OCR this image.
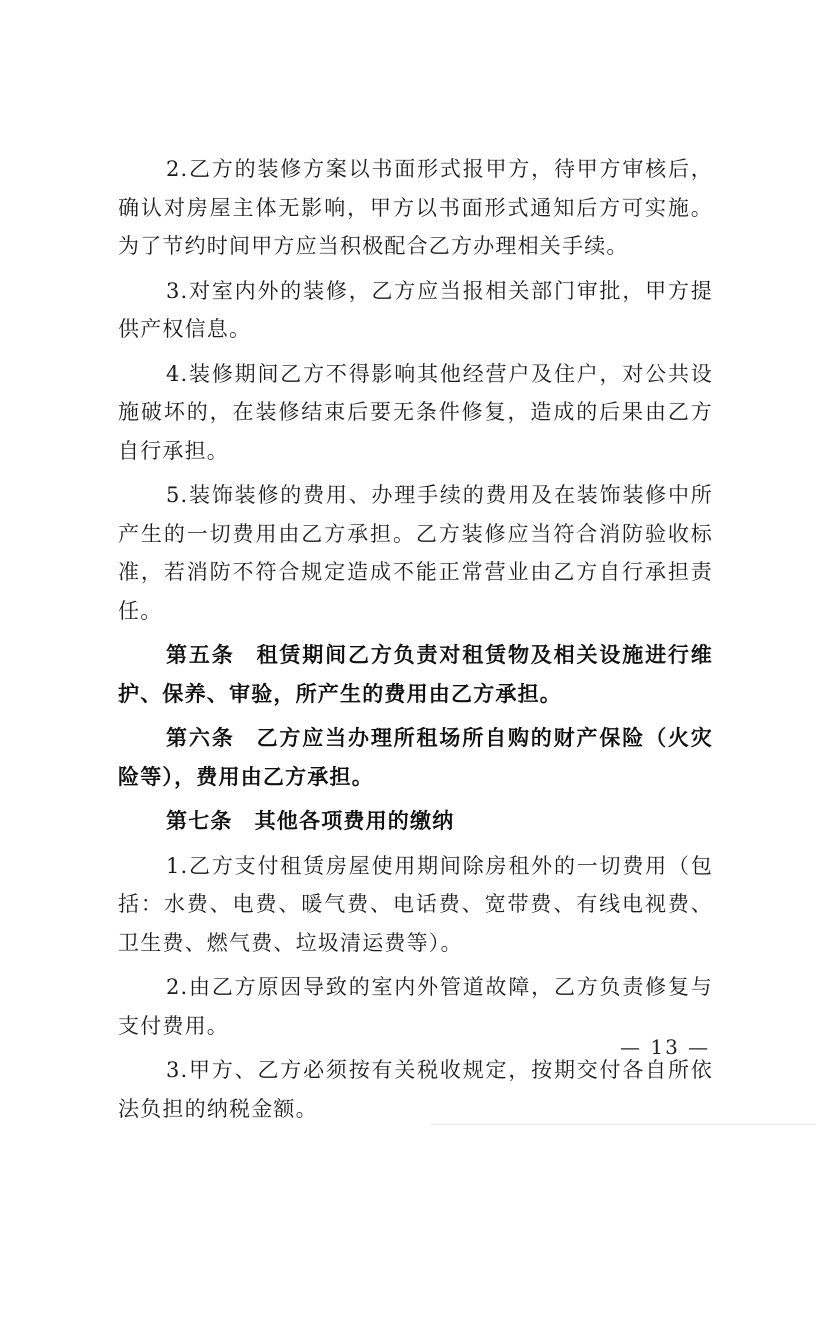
2.乙方的装修方案以书面形式报甲方，待甲方审核后，确认对房屋主体无影响，甲方以书面形式通知后方可实施。为了节约时间甲方应当积极配合乙方办理相关手续。

3.对室内外的装修，乙方应当报相关部门审批，甲方提供产权信息。

4.装修期间乙方不得影响其他经营户及住户，对公共设施破坏的，在装修结束后要无条件修复，造成的后果由乙方自行承担。

5.装饰装修的费用、办理手续的费用及在装饰装修中所产生的一切费用由乙方承担。乙方装修应当符合消防验收标准，若消防不符合规定造成不能正常营业由乙方自行承担责任。

第五条 租赁期间乙方负责对租赁物及相关设施进行维护、保养、审验，所产生的费用由乙方承担。

第六条 乙方应当办理所租场所自购的财产保险（火灾险等），费用由乙方承担。

第七条 其他各项费用的缴纳

1.乙方支付租赁房屋使用期间除房租外的一切费用（包括：水费、电费、暖气费、电话费、宽带费、有线电视费、卫生费、燃气费、垃圾清运费等）。

2.由乙方原因导致的室内外管道故障，乙方负责修复与支付费用。

3.甲方、乙方必须按有关税收规定，按期交付各自所依法负担的纳税金额。

— 13 —
